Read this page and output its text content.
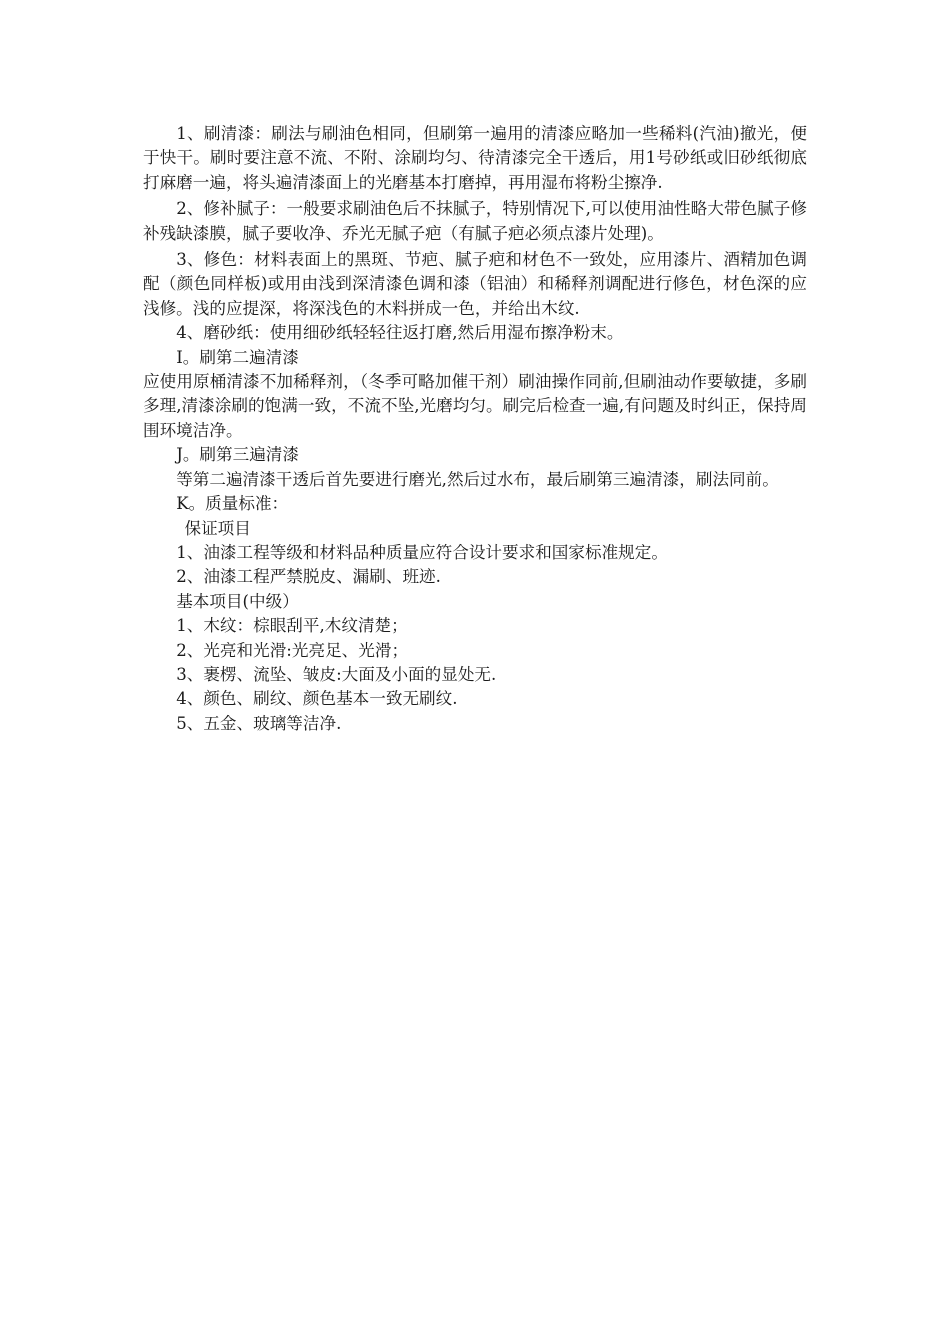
1、刷清漆：刷法与刷油色相同，但刷第一遍用的清漆应略加一些稀料(汽油)撤光，便于快干。刷时要注意不流、不附、涂刷均匀、待清漆完全干透后，用1号砂纸或旧砂纸彻底打麻磨一遍，将头遍清漆面上的光磨基本打磨掉，再用湿布将粉尘擦净.

2、修补腻子：一般要求刷油色后不抹腻子，特别情况下,可以使用油性略大带色腻子修补残缺漆膜，腻子要收净、乔光无腻子疤（有腻子疤必须点漆片处理)。

3、修色：材料表面上的黑斑、节疤、腻子疤和材色不一致处，应用漆片、酒精加色调配（颜色同样板)或用由浅到深清漆色调和漆（铝油）和稀释剂调配进行修色，材色深的应浅修。浅的应提深，将深浅色的木料拼成一色，并给出木纹.

4、磨砂纸：使用细砂纸轻轻往返打磨,然后用湿布擦净粉末。

I。刷第二遍清漆

应使用原桶清漆不加稀释剂，（冬季可略加催干剂）刷油操作同前,但刷油动作要敏捷，多刷多理,清漆涂刷的饱满一致，不流不坠,光磨均匀。刷完后检查一遍,有问题及时纠正，保持周围环境洁净。

J。刷第三遍清漆

等第二遍清漆干透后首先要进行磨光,然后过水布，最后刷第三遍清漆，刷法同前。

K。质量标准：

保证项目

1、油漆工程等级和材料品种质量应符合设计要求和国家标准规定。

2、油漆工程严禁脱皮、漏刷、班迹.

基本项目(中级）

1、木纹：棕眼刮平,木纹清楚；

2、光亮和光滑:光亮足、光滑；

3、裹楞、流坠、皱皮:大面及小面的显处无.

4、颜色、刷纹、颜色基本一致无刷纹.

5、五金、玻璃等洁净.
